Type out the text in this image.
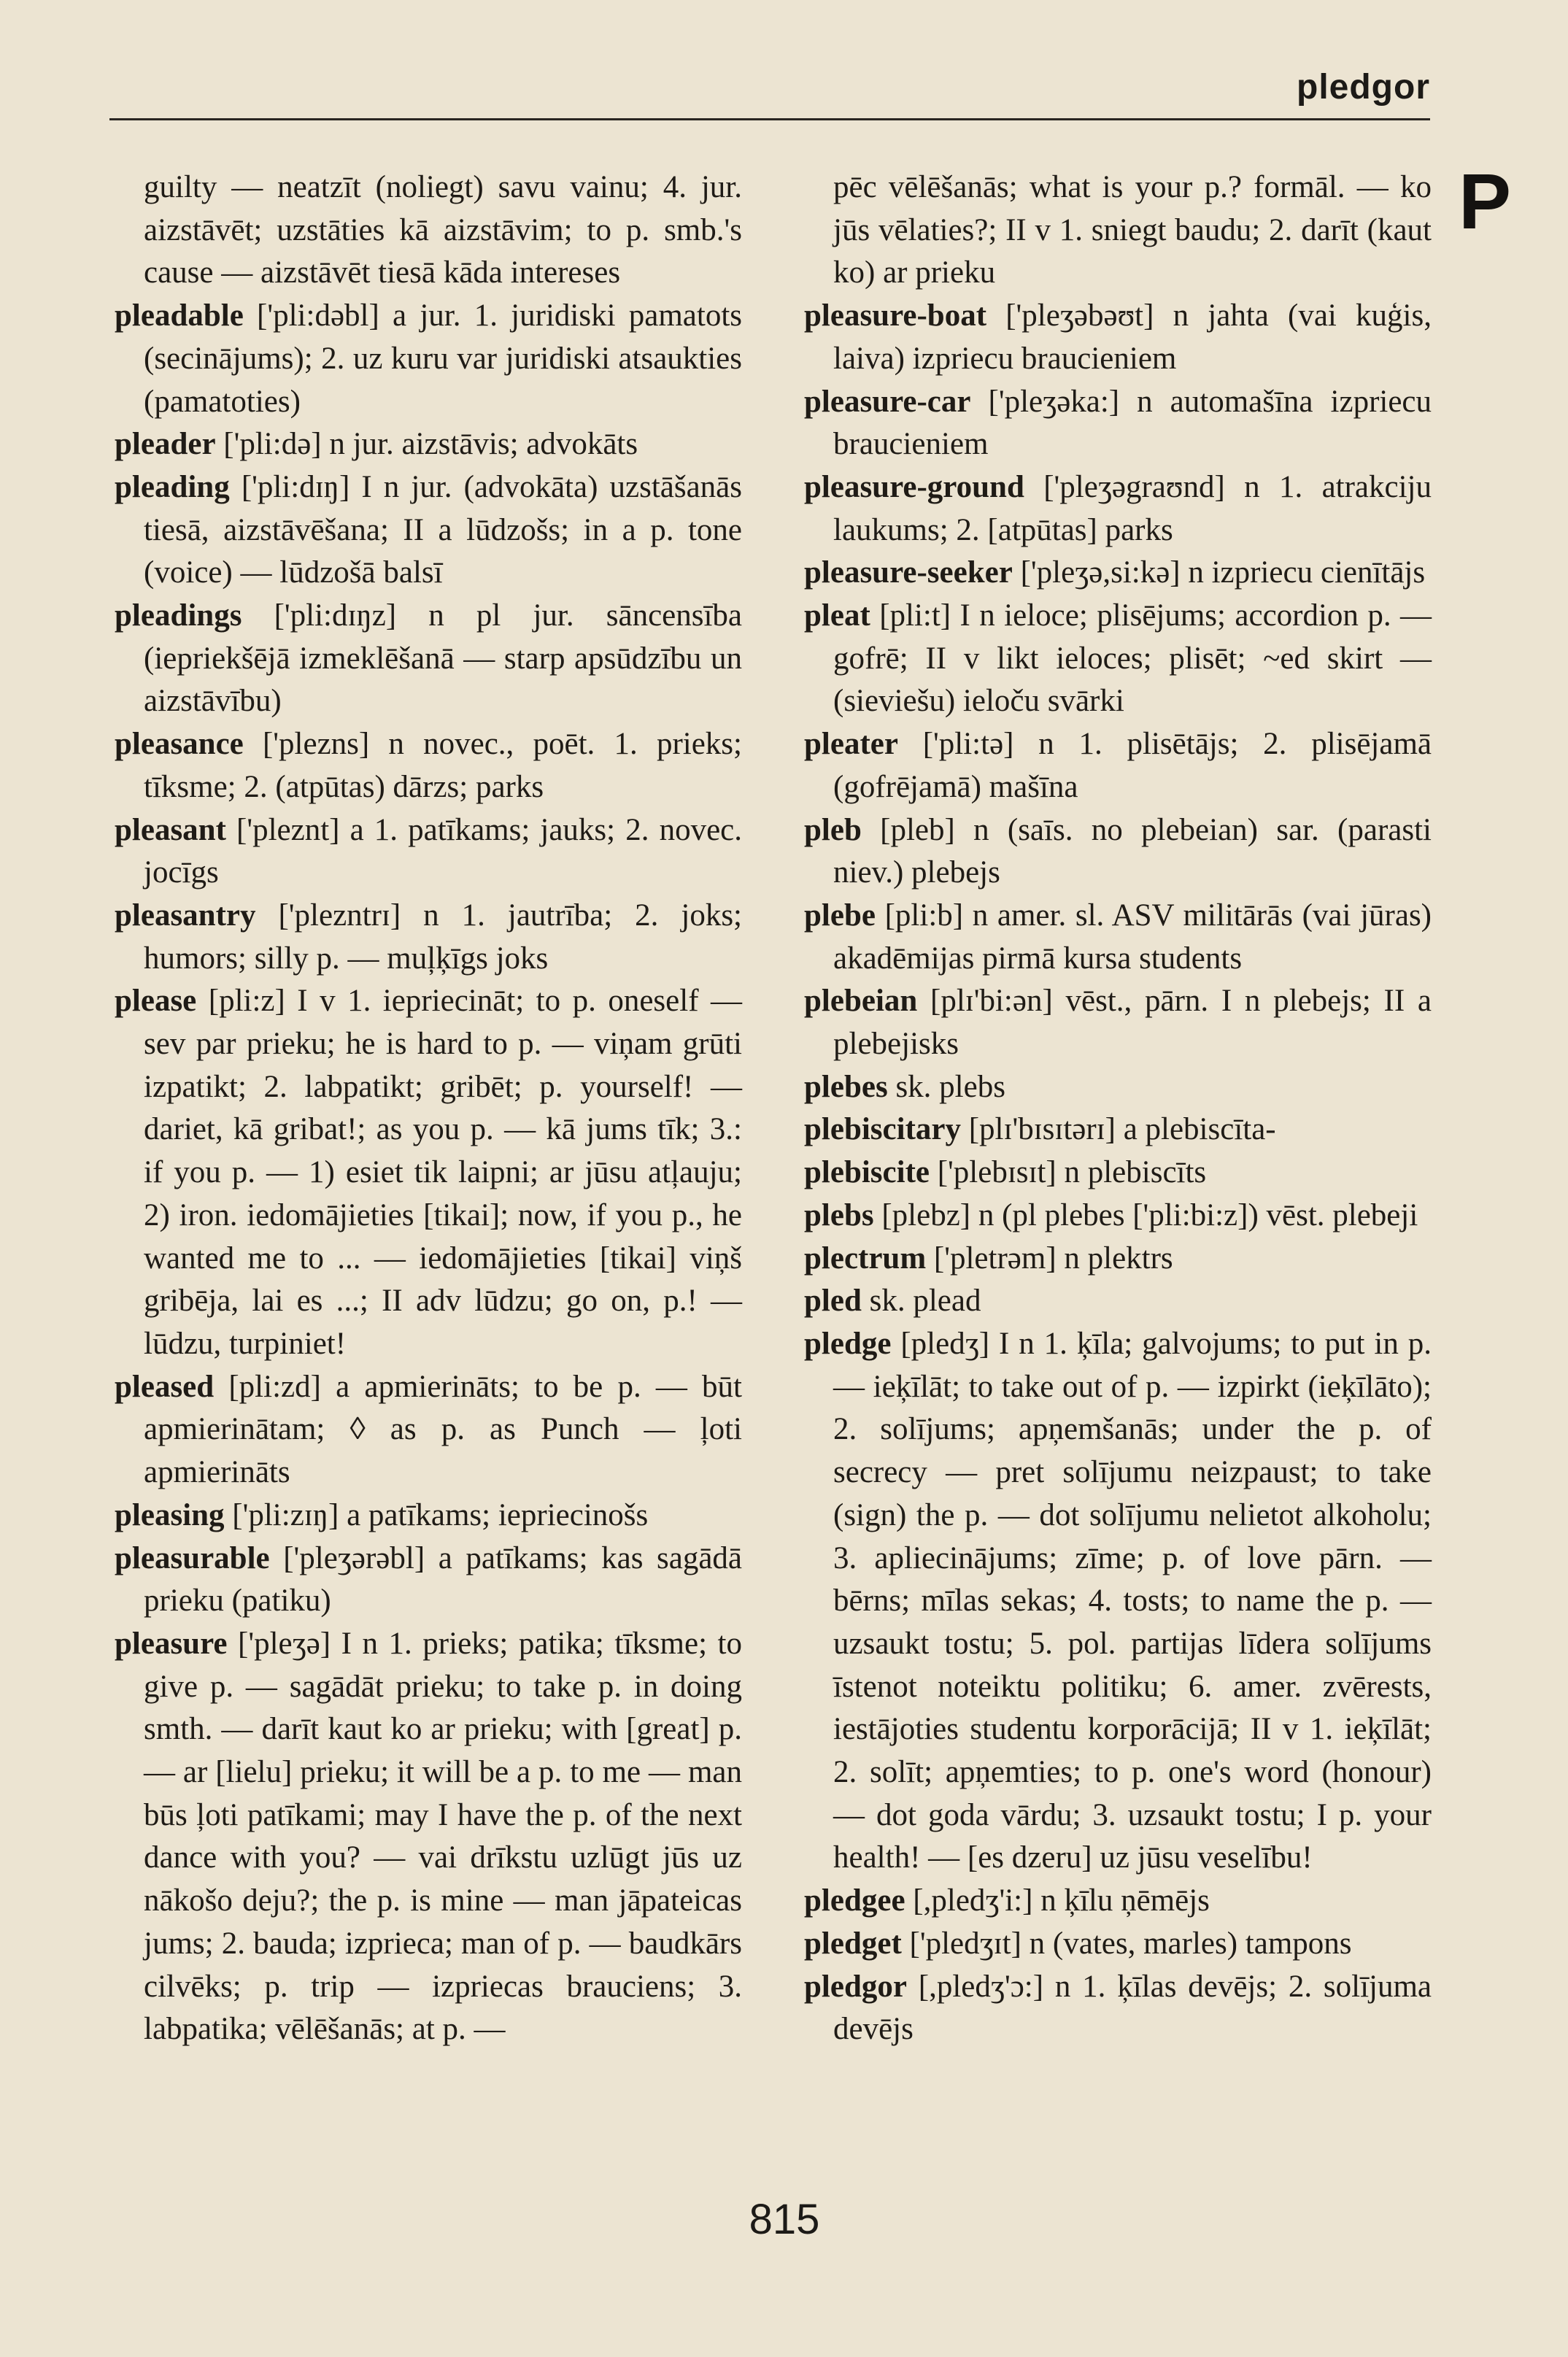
pledgor
P

guilty — neatzīt (noliegt) savu vainu; 4. jur. aizstāvēt; uzstāties kā aizstāvim; to p. smb.'s cause — aizstāvēt tiesā kāda intereses

pleadable ['pli:dəbl] a jur. 1. juridiski pamatots (secinājums); 2. uz kuru var juridiski atsaukties (pamatoties)

pleader ['pli:də] n jur. aizstāvis; advokāts

pleading ['pli:dɪŋ] I n jur. (advokāta) uzstāšanās tiesā, aizstāvēšana; II a lūdzošs; in a p. tone (voice) — lūdzošā balsī

pleadings ['pli:dɪŋz] n pl jur. sāncensība (iepriekšējā izmeklēšanā — starp apsūdzību un aizstāvību)

pleasance ['plezns] n novec., poēt. 1. prieks; tīksme; 2. (atpūtas) dārzs; parks

pleasant ['pleznt] a 1. patīkams; jauks; 2. novec. jocīgs

pleasantry ['plezntrɪ] n 1. jautrība; 2. joks; humors; silly p. — muļķīgs joks

please [pli:z] I v 1. iepriecināt; to p. oneself — sev par prieku; he is hard to p. — viņam grūti izpatikt; 2. labpatikt; gribēt; p. yourself! — dariet, kā gribat!; as you p. — kā jums tīk; 3.: if you p. — 1) esiet tik laipni; ar jūsu atļauju; 2) iron. iedomājieties [tikai]; now, if you p., he wanted me to ... — iedomājieties [tikai] viņš gribēja, lai es ...; II adv lūdzu; go on, p.! — lūdzu, turpiniet!

pleased [pli:zd] a apmierināts; to be p. — būt apmierinātam; ◊ as p. as Punch — ļoti apmierināts

pleasing ['pli:zɪŋ] a patīkams; iepriecinošs

pleasurable ['pleʒərəbl] a patīkams; kas sagādā prieku (patiku)

pleasure ['pleʒə] I n 1. prieks; patika; tīksme; to give p. — sagādāt prieku; to take p. in doing smth. — darīt kaut ko ar prieku; with [great] p. — ar [lielu] prieku; it will be a p. to me — man būs ļoti patīkami; may I have the p. of the next dance with you? — vai drīkstu uzlūgt jūs uz nākošo deju?; the p. is mine — man jāpateicas jums; 2. bauda; izprieca; man of p. — baudkārs cilvēks; p. trip — izpriecas brauciens; 3. labpatika; vēlēšanās; at p. —

pēc vēlēšanās; what is your p.? formāl. — ko jūs vēlaties?; II v 1. sniegt baudu; 2. darīt (kaut ko) ar prieku

pleasure-boat ['pleʒəbəʊt] n jahta (vai kuģis, laiva) izpriecu braucieniem

pleasure-car ['pleʒəka:] n automašīna izpriecu braucieniem

pleasure-ground ['pleʒəgraʊnd] n 1. atrakciju laukums; 2. [atpūtas] parks

pleasure-seeker ['pleʒə,si:kə] n izpriecu cienītājs

pleat [pli:t] I n ieloce; plisējums; accordion p. — gofrē; II v likt ieloces; plisēt; ~ed skirt — (sieviešu) ieloču svārki

pleater ['pli:tə] n 1. plisētājs; 2. plisējamā (gofrējamā) mašīna

pleb [pleb] n (saīs. no plebeian) sar. (parasti niev.) plebejs

plebe [pli:b] n amer. sl. ASV militārās (vai jūras) akadēmijas pirmā kursa students

plebeian [plɪ'bi:ən] vēst., pārn. I n plebejs; II a plebejisks

plebes sk. plebs

plebiscitary [plɪ'bɪsɪtərɪ] a plebiscīta-

plebiscite ['plebɪsɪt] n plebiscīts

plebs [plebz] n (pl plebes ['pli:bi:z]) vēst. plebeji

plectrum ['pletrəm] n plektrs

pled sk. plead

pledge [pledʒ] I n 1. ķīla; galvojums; to put in p. — ieķīlāt; to take out of p. — izpirkt (ieķīlāto); 2. solījums; apņemšanās; under the p. of secrecy — pret solījumu neizpaust; to take (sign) the p. — dot solījumu nelietot alkoholu; 3. apliecinājums; zīme; p. of love pārn. — bērns; mīlas sekas; 4. tosts; to name the p. — uzsaukt tostu; 5. pol. partijas līdera solījums īstenot noteiktu politiku; 6. amer. zvērests, iestājoties studentu korporācijā; II v 1. ieķīlāt; 2. solīt; apņemties; to p. one's word (honour) — dot goda vārdu; 3. uzsaukt tostu; I p. your health! — [es dzeru] uz jūsu veselību!

pledgee [,pledʒ'i:] n ķīlu ņēmējs

pledget ['pledʒɪt] n (vates, marles) tampons

pledgor [,pledʒ'ɔ:] n 1. ķīlas devējs; 2. solījuma devējs

815
